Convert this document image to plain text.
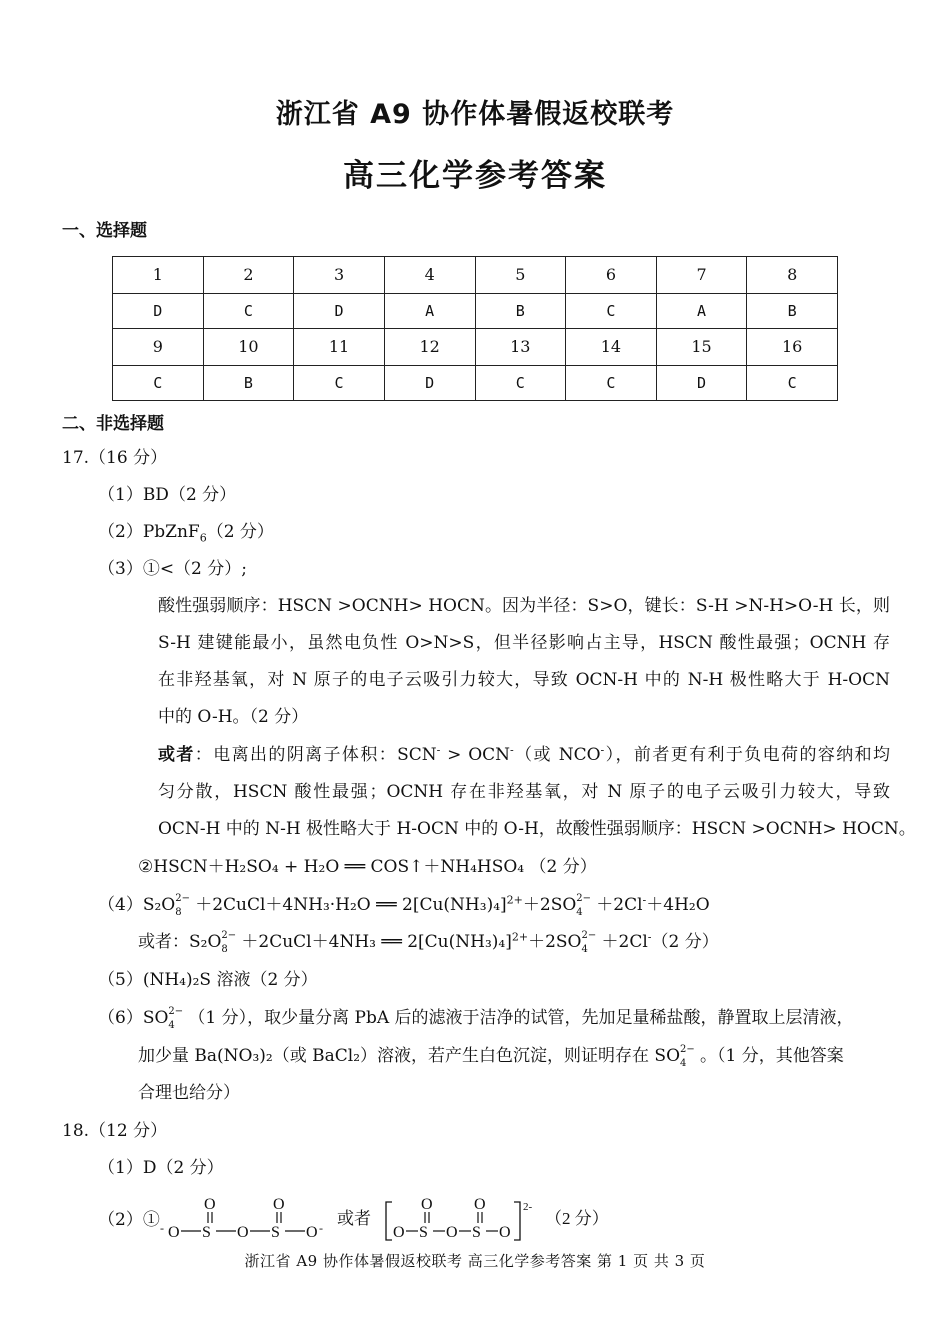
浙江省 A9 协作体暑假返校联考
高三化学参考答案
一、选择题
1	2	3	4	5	6	7	8
D	C	D	A	B	C	A	B
9	10	11	12	13	14	15	16
C	B	C	D	C	C	D	C
二、非选择题
17.（16 分）
（1）BD（2 分）
（2）PbZnF$_6$（2 分）
（3）①<（2 分）;
酸性强弱顺序：HSCN >OCNH> HOCN。因为半径：S>O，键长：S-H >N-H>O-H 长，则
S-H 建键能最小，虽然电负性 O>N>S，但半径影响占主导，HSCN 酸性最强；OCNH 存
在非羟基氧，对 N 原子的电子云吸引力较大，导致 OCN-H 中的 N-H 极性略大于 H-OCN
中的 O-H。（2 分）
或者：电离出的阴离子体积：SCN- > OCN-（或 NCO-），前者更有利于负电荷的容纳和均
匀分散，HSCN 酸性最强；OCNH 存在非羟基氧，对 N 原子的电子云吸引力较大，导致
OCN-H 中的 N-H 极性略大于 H-OCN 中的 O-H，故酸性强弱顺序：HSCN >OCNH> HOCN。
②HSCN＋H₂SO₄ + H₂O ══ COS↑＋NH₄HSO₄ （2 分）
（4）S₂O 2−
8 ＋2CuCl＋4NH₃·H₂O ══ $2[Cu(NH_3)_4]^{2+}+2SO$ 2−
4 ＋2Cl-＋4H₂O
或者：S₂O 2−
8 ＋2CuCl＋4NH₃ ══ $2[Cu(NH_3)_4]^{2+}+2SO$ 2−
4 ＋2Cl-（2 分）
（5）(NH₄)₂S 溶液（2 分）
（6）SO 2−
4 （1 分），取少量分离 PbA 后的滤液于洁净的试管，先加足量稀盐酸，静置取上层清液，
加少量 Ba(NO₃)₂（或 BaCl₂）溶液，若产生白色沉淀，则证明存在 SO 2−
4 。（1 分，其他答案
合理也给分）
18.（12 分）
（1）D（2 分）
（2）① - O S
O
O S
O
O - 或者
O S
O
O S
O
O
2-
（2 分）
浙江省 A9 协作体暑假返校联考 高三化学参考答案 第 1 页 共 3 页
